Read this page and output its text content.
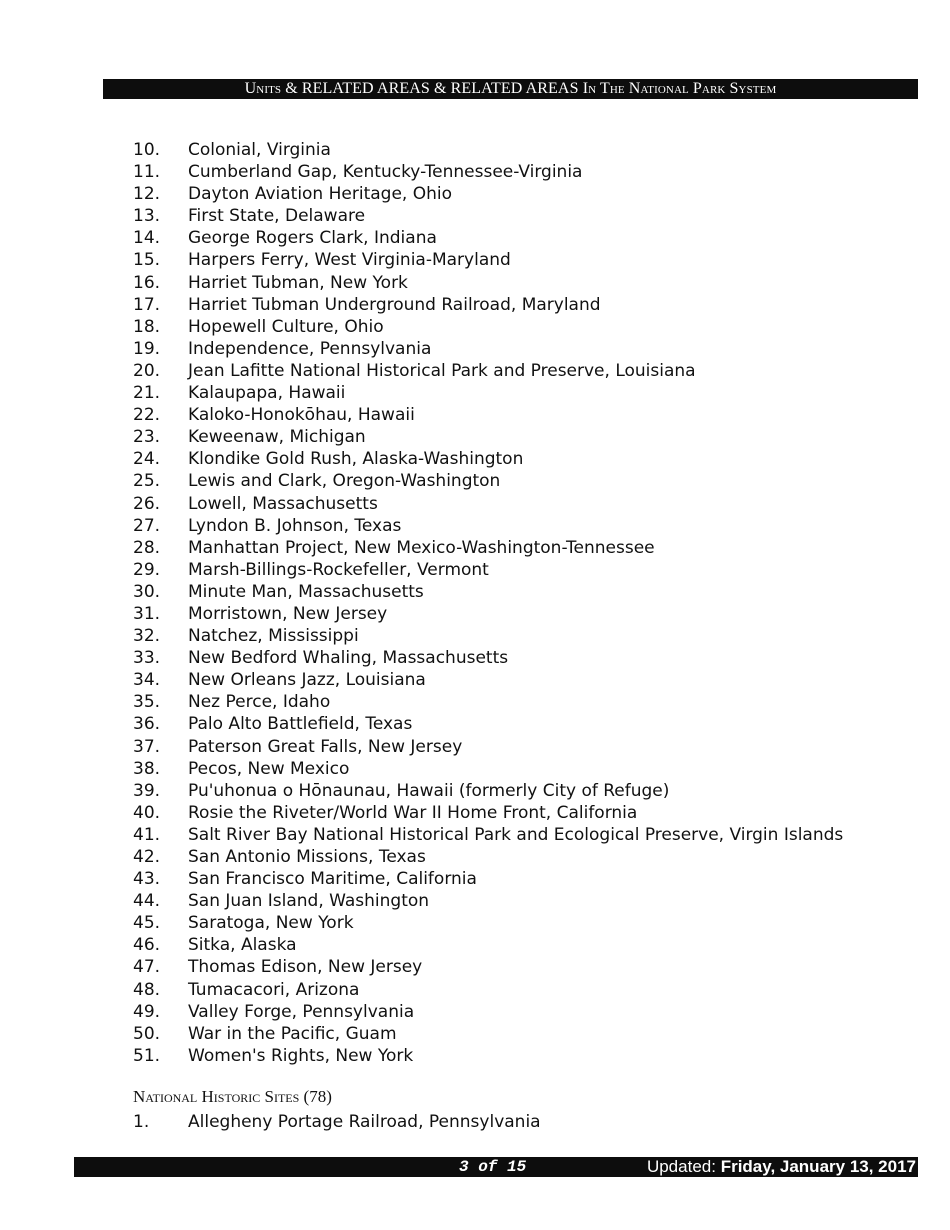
Units & RELATED AREAS & RELATED AREAS In The National Park System
10. Colonial, Virginia
11. Cumberland Gap, Kentucky-Tennessee-Virginia
12. Dayton Aviation Heritage, Ohio
13. First State, Delaware
14. George Rogers Clark, Indiana
15. Harpers Ferry, West Virginia-Maryland
16. Harriet Tubman, New York
17. Harriet Tubman Underground Railroad, Maryland
18. Hopewell Culture, Ohio
19. Independence, Pennsylvania
20. Jean Lafitte National Historical Park and Preserve, Louisiana
21. Kalaupapa, Hawaii
22. Kaloko-Honokōhau, Hawaii
23. Keweenaw, Michigan
24. Klondike Gold Rush, Alaska-Washington
25. Lewis and Clark, Oregon-Washington
26. Lowell, Massachusetts
27. Lyndon B. Johnson, Texas
28. Manhattan Project, New Mexico-Washington-Tennessee
29. Marsh-Billings-Rockefeller, Vermont
30. Minute Man, Massachusetts
31. Morristown, New Jersey
32. Natchez, Mississippi
33. New Bedford Whaling, Massachusetts
34. New Orleans Jazz, Louisiana
35. Nez Perce, Idaho
36. Palo Alto Battlefield, Texas
37. Paterson Great Falls, New Jersey
38. Pecos, New Mexico
39. Pu'uhonua o Hōnaunau, Hawaii (formerly City of Refuge)
40. Rosie the Riveter/World War II Home Front, California
41. Salt River Bay National Historical Park and Ecological Preserve, Virgin Islands
42. San Antonio Missions, Texas
43. San Francisco Maritime, California
44. San Juan Island, Washington
45. Saratoga, New York
46. Sitka, Alaska
47. Thomas Edison, New Jersey
48. Tumacacori, Arizona
49. Valley Forge, Pennsylvania
50. War in the Pacific, Guam
51. Women's Rights, New York
National Historic Sites (78)
1. Allegheny Portage Railroad, Pennsylvania
3 of 15	Updated: Friday, January 13, 2017
